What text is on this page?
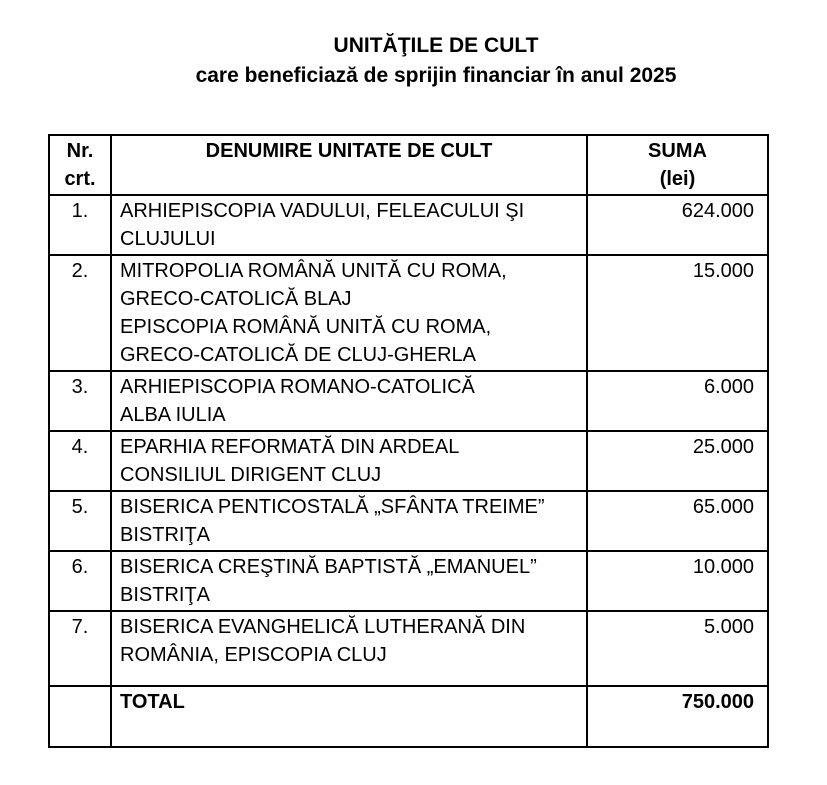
UNITĂŢILE DE CULT
care beneficiază de sprijin financiar în anul 2025
Nr.
crt.
	DENUMIRE UNITATE DE CULT	SUMA
(lei)

1.	ARHIEPISCOPIA VADULUI, FELEACULUI ŞI
CLUJULUI	624.000
2.	MITROPOLIA ROMÂNĂ UNITĂ CU ROMA,
GRECO-CATOLICĂ BLAJ
EPISCOPIA ROMÂNĂ UNITĂ CU ROMA,
GRECO-CATOLICĂ DE CLUJ-GHERLA	15.000
3.	ARHIEPISCOPIA ROMANO-CATOLICĂ
ALBA IULIA	6.000
4.	EPARHIA REFORMATĂ DIN ARDEAL
CONSILIUL DIRIGENT CLUJ	25.000
5.	BISERICA PENTICOSTALĂ „SFÂNTA TREIME”
BISTRIŢA	65.000
6.	BISERICA CREŞTINĂ BAPTISTĂ „EMANUEL”
BISTRIŢA	10.000
7.	BISERICA EVANGHELICĂ LUTHERANĂ DIN
ROMÂNIA, EPISCOPIA CLUJ	5.000
	TOTAL	750.000
